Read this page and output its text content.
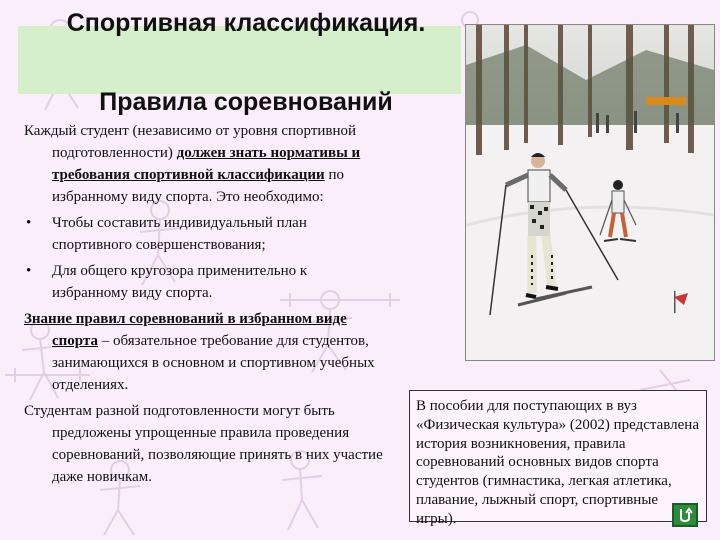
Спортивная классификация.
Правила соревнований

Каждый студент (независимо от уровня спортивной подготовленности) должен знать нормативы и требования спортивной классификации по избранному виду спорта. Это необходимо:

• Чтобы составить индивидуальный план спортивного совершенствования;

• Для общего кругозора применительно к избранному виду спорта.

Знание правил соревнований в избранном виде спорта – обязательное требование для студентов, занимающихся в основном и спортивном учебных отделениях.

Студентам разной подготовленности могут быть предложены упрощенные правила проведения соревнований, позволяющие принять в них участие даже новичкам.

В пособии для поступающих в вуз «Физическая культура» (2002) представлена история возникновения, правила соревнований основных видов спорта студентов (гимнастика, легкая атлетика, плавание, лыжный спорт, спортивные игры).
